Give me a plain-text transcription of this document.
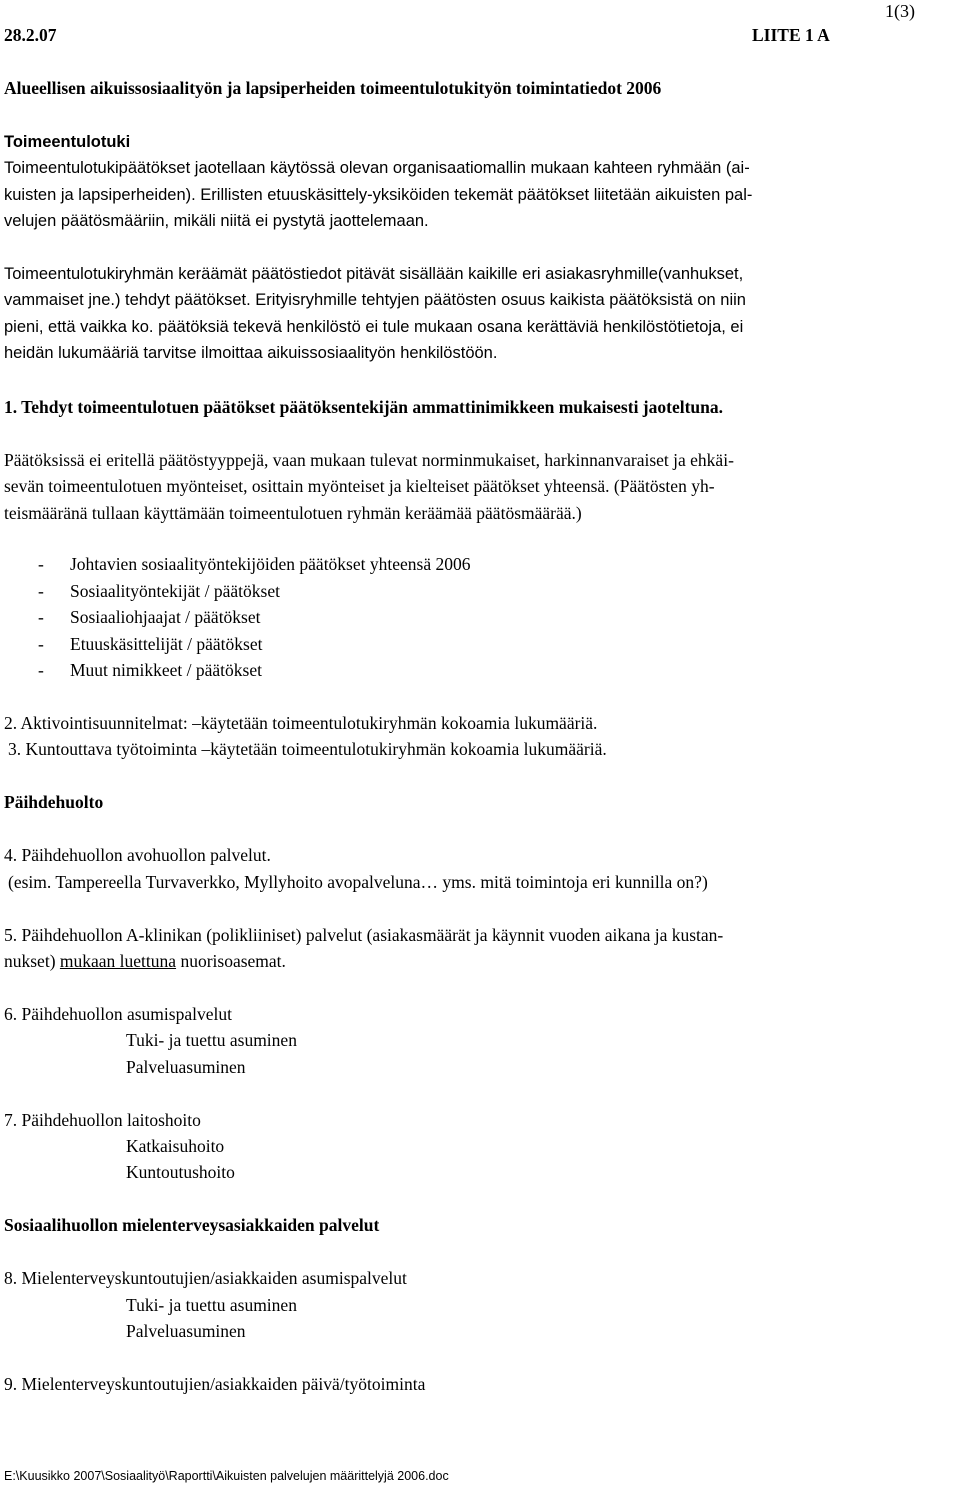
1(3)
28.2.07	LIITE 1 A
Alueellisen aikuissosiaalityön ja lapsiperheiden toimeentulotukityön toimintatiedot 2006
Toimeentulotuki
Toimeentulotukipäätökset jaotellaan käytössä olevan organisaatiomallin mukaan kahteen ryhmään (ai-
kuisten ja lapsiperheiden). Erillisten etuuskäsittely-yksiköiden tekemät päätökset liitetään aikuisten pal-
velujen päätösmääriin, mikäli niitä ei pystytä jaottelemaan.
Toimeentulotukiryhmän keräämät päätöstiedot pitävät sisällään kaikille eri asiakasryhmille(vanhukset,
vammaiset jne.) tehdyt päätökset. Erityisryhmille tehtyjen päätösten osuus kaikista päätöksistä on niin
pieni, että vaikka ko. päätöksiä tekevä henkilöstö ei tule mukaan osana kerättäviä henkilöstötietoja, ei
heidän lukumääriä tarvitse ilmoittaa aikuissosiaalityön henkilöstöön.
1. Tehdyt toimeentulotuen päätökset päätöksentekijän ammattinimikkeen mukaisesti jaoteltuna.
Päätöksissä ei eritellä päätöstyyppejä, vaan mukaan tulevat norminmukaiset, harkinnanvaraiset ja ehkäi-
sevän toimeentulotuen myönteiset, osittain myönteiset ja kielteiset päätökset yhteensä. (Päätösten yh-
teismääränä tullaan käyttämään toimeentulotuen ryhmän keräämää päätösmäärää.)
- Johtavien sosiaalityöntekijöiden päätökset yhteensä 2006
- Sosiaalityöntekijät / päätökset
- Sosiaaliohjaajat / päätökset
- Etuuskäsittelijät / päätökset
- Muut nimikkeet / päätökset
2. Aktivointisuunnitelmat: –käytetään toimeentulotukiryhmän kokoamia lukumääriä.
3. Kuntouttava työtoiminta –käytetään toimeentulotukiryhmän kokoamia lukumääriä.
Päihdehuolto
4. Päihdehuollon avohuollon palvelut.
(esim. Tampereella Turvaverkko, Myllyhoito avopalveluna… yms. mitä toimintoja eri kunnilla on?)
5. Päihdehuollon A-klinikan (polikliiniset) palvelut (asiakasmäärät ja käynnit vuoden aikana ja kustan-
nukset) mukaan luettuna nuorisoasemat.
6. Päihdehuollon asumispalvelut
Tuki- ja tuettu asuminen
Palveluasuminen
7. Päihdehuollon laitoshoito
Katkaisuhoito
Kuntoutushoito
Sosiaalihuollon mielenterveysasiakkaiden palvelut
8. Mielenterveyskuntoutujien/asiakkaiden asumispalvelut
Tuki- ja tuettu asuminen
Palveluasuminen
9. Mielenterveyskuntoutujien/asiakkaiden päivä/työtoiminta
E:\Kuusikko 2007\Sosiaalityö\Raportti\Aikuisten palvelujen määrittelyjä 2006.doc
